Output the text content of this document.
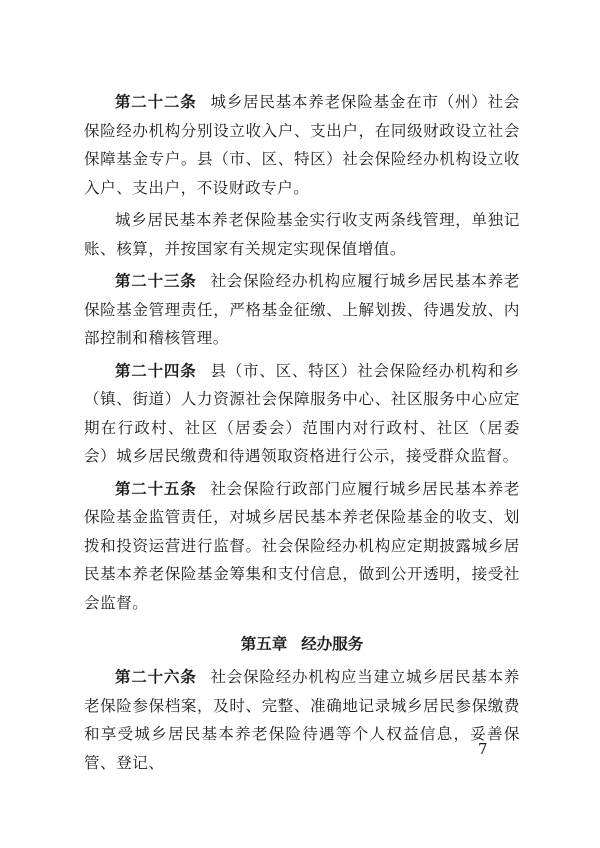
第二十二条 城乡居民基本养老保险基金在市（州）社会保险经办机构分别设立收入户、支出户，在同级财政设立社会保障基金专户。县（市、区、特区）社会保险经办机构设立收入户、支出户，不设财政专户。

城乡居民基本养老保险基金实行收支两条线管理，单独记账、核算，并按国家有关规定实现保值增值。

第二十三条 社会保险经办机构应履行城乡居民基本养老保险基金管理责任，严格基金征缴、上解划拨、待遇发放、内部控制和稽核管理。

第二十四条 县（市、区、特区）社会保险经办机构和乡（镇、街道）人力资源社会保障服务中心、社区服务中心应定期在行政村、社区（居委会）范围内对行政村、社区（居委会）城乡居民缴费和待遇领取资格进行公示，接受群众监督。

第二十五条 社会保险行政部门应履行城乡居民基本养老保险基金监管责任，对城乡居民基本养老保险基金的收支、划拨和投资运营进行监督。社会保险经办机构应定期披露城乡居民基本养老保险基金筹集和支付信息，做到公开透明，接受社会监督。

第五章 经办服务

第二十六条 社会保险经办机构应当建立城乡居民基本养老保险参保档案，及时、完整、准确地记录城乡居民参保缴费和享受城乡居民基本养老保险待遇等个人权益信息，妥善保管、登记、

7
